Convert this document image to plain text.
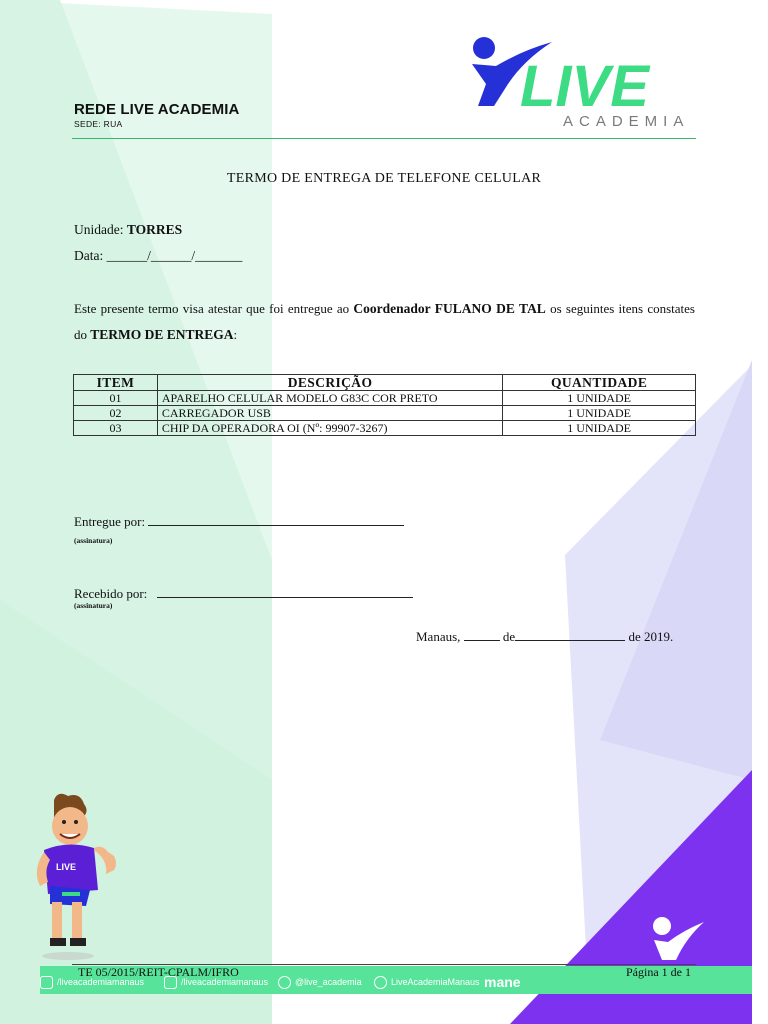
LIVE
ACADEMIA
REDE LIVE ACADEMIA
SEDE: RUA
TERMO DE ENTREGA DE TELEFONE CELULAR
Unidade: TORRES
Data: ______/______/_______
Este presente termo visa atestar que foi entregue ao Coordenador FULANO DE TAL os seguintes itens constates do TERMO DE ENTREGA:
ITEM	DESCRIÇÃO	QUANTIDADE
01	APARELHO CELULAR MODELO G83C COR PRETO	1 UNIDADE
02	CARREGADOR USB	1 UNIDADE
03	CHIP DA OPERADORA OI (Nº: 99907-3267)	1 UNIDADE
Entregue por:
(assinatura)
Recebido por:
(assinatura)
Manaus,	de	de 2019.
LIVE
TE 05/2015/REIT-CPALM/IFRO	Página 1 de 1
/liveacademiamanaus	/liveacademiamanaus	@live_academia	LiveAcademiaManaus mane
